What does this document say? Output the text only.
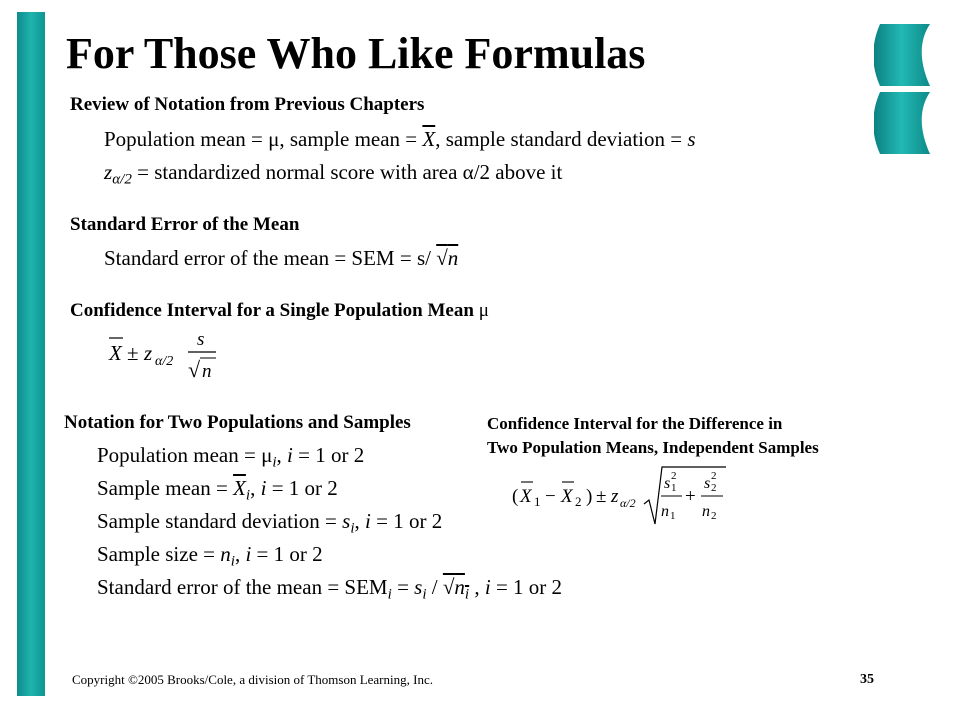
For Those Who Like Formulas
Review of Notation from Previous Chapters
Population mean = μ, sample mean = $\overline{X}$, sample standard deviation = s
$z_{\alpha/2}$ = standardized normal score with area α/2 above it
Standard Error of the Mean
Standard error of the mean = SEM = s/ √n
Confidence Interval for a Single Population Mean μ
X ± z α/2
s
√ n
Notation for Two Populations and Samples
Population mean = $\mu_i$, i = 1 or 2
Sample mean = $\overline{X}_i$, i = 1 or 2
Sample standard deviation = $s_i$, i = 1 or 2
Sample size = $n_i$, i = 1 or 2
Standard error of the mean = $SEM_i = s_i / √n_i$ , i = 1 or 2
Confidence Interval for the Difference in
Two Population Means, Independent Samples
( X 1 − X 2 ) ± z α/2
s 2
1
n 1
+
s 2
2
n 2
Copyright ©2005 Brooks/Cole, a division of Thomson Learning, Inc.	35
